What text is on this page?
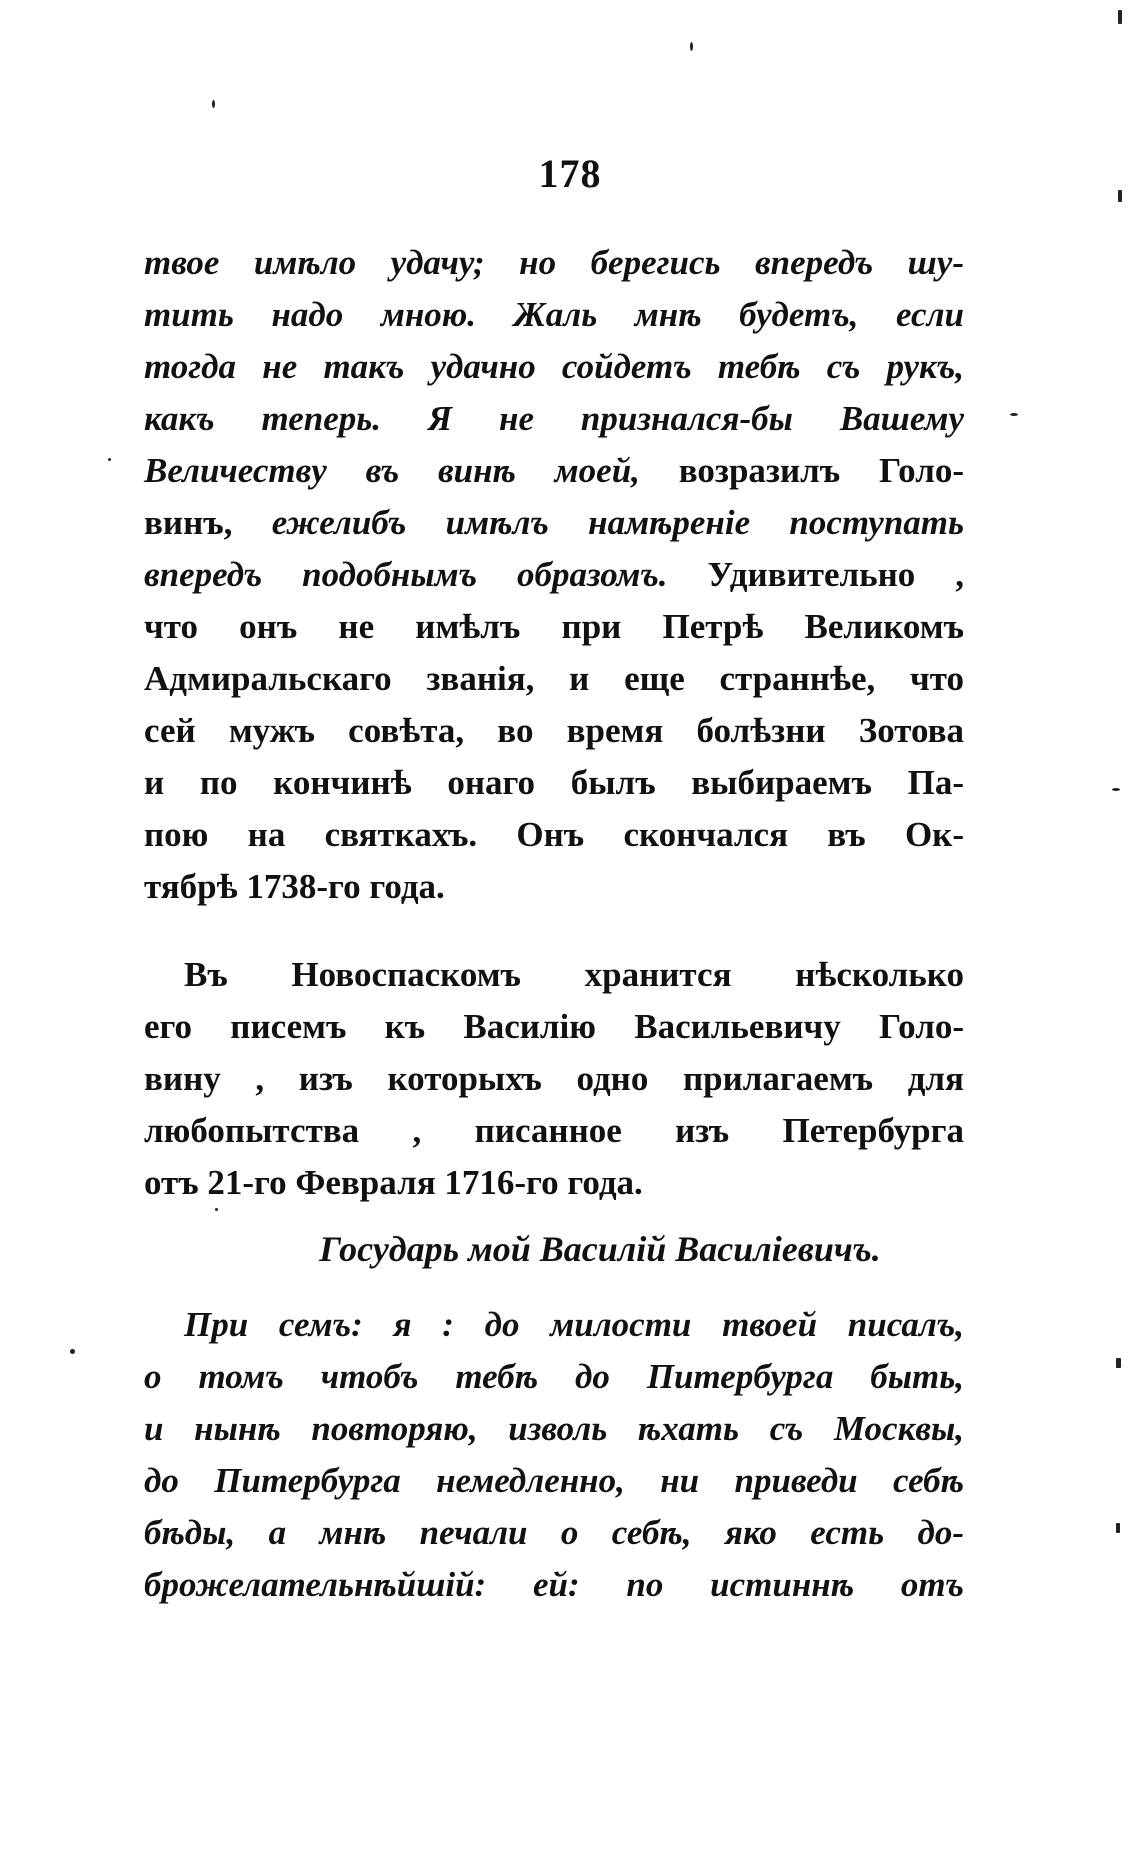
178
твое имѣло удачу; но берегись впередъ шу-
тить надо мною. Жаль мнѣ будетъ, если
тогда не такъ удачно сойдетъ тебѣ съ рукъ,
какъ теперь. Я не признался-бы Вашему
Величеству въ винѣ моей, возразилъ Голо-
винъ, ежелибъ имѣлъ намѣреніе поступать
впередъ подобнымъ образомъ. Удивительно ,
что онъ не имѣлъ при Петрѣ Великомъ
Адмиральскаго званія, и еще страннѣе, что
сей мужъ совѣта, во время болѣзни Зотова
и по кончинѣ онаго былъ выбираемъ Па-
пою на святкахъ. Онъ скончался въ Ок-
тябрѣ 1738-го года.
Въ Новоспаскомъ хранится нѣсколько
его писемъ къ Василію Васильевичу Голо-
вину , изъ которыхъ одно прилагаемъ для
любопытства , писанное изъ Петербурга
отъ 21-го Февраля 1716-го года.
Государь мой Василій Василіевичъ.
При семъ: я : до милости твоей писалъ,
о томъ чтобъ тебѣ до Питербурга быть,
и нынѣ повторяю, изволь ѣхать съ Москвы,
до Питербурга немедленно, ни приведи себѣ
бѣды, а мнѣ печали о себѣ, яко есть до-
брожелательнѣйшій: ей: по истиннѣ отъ
